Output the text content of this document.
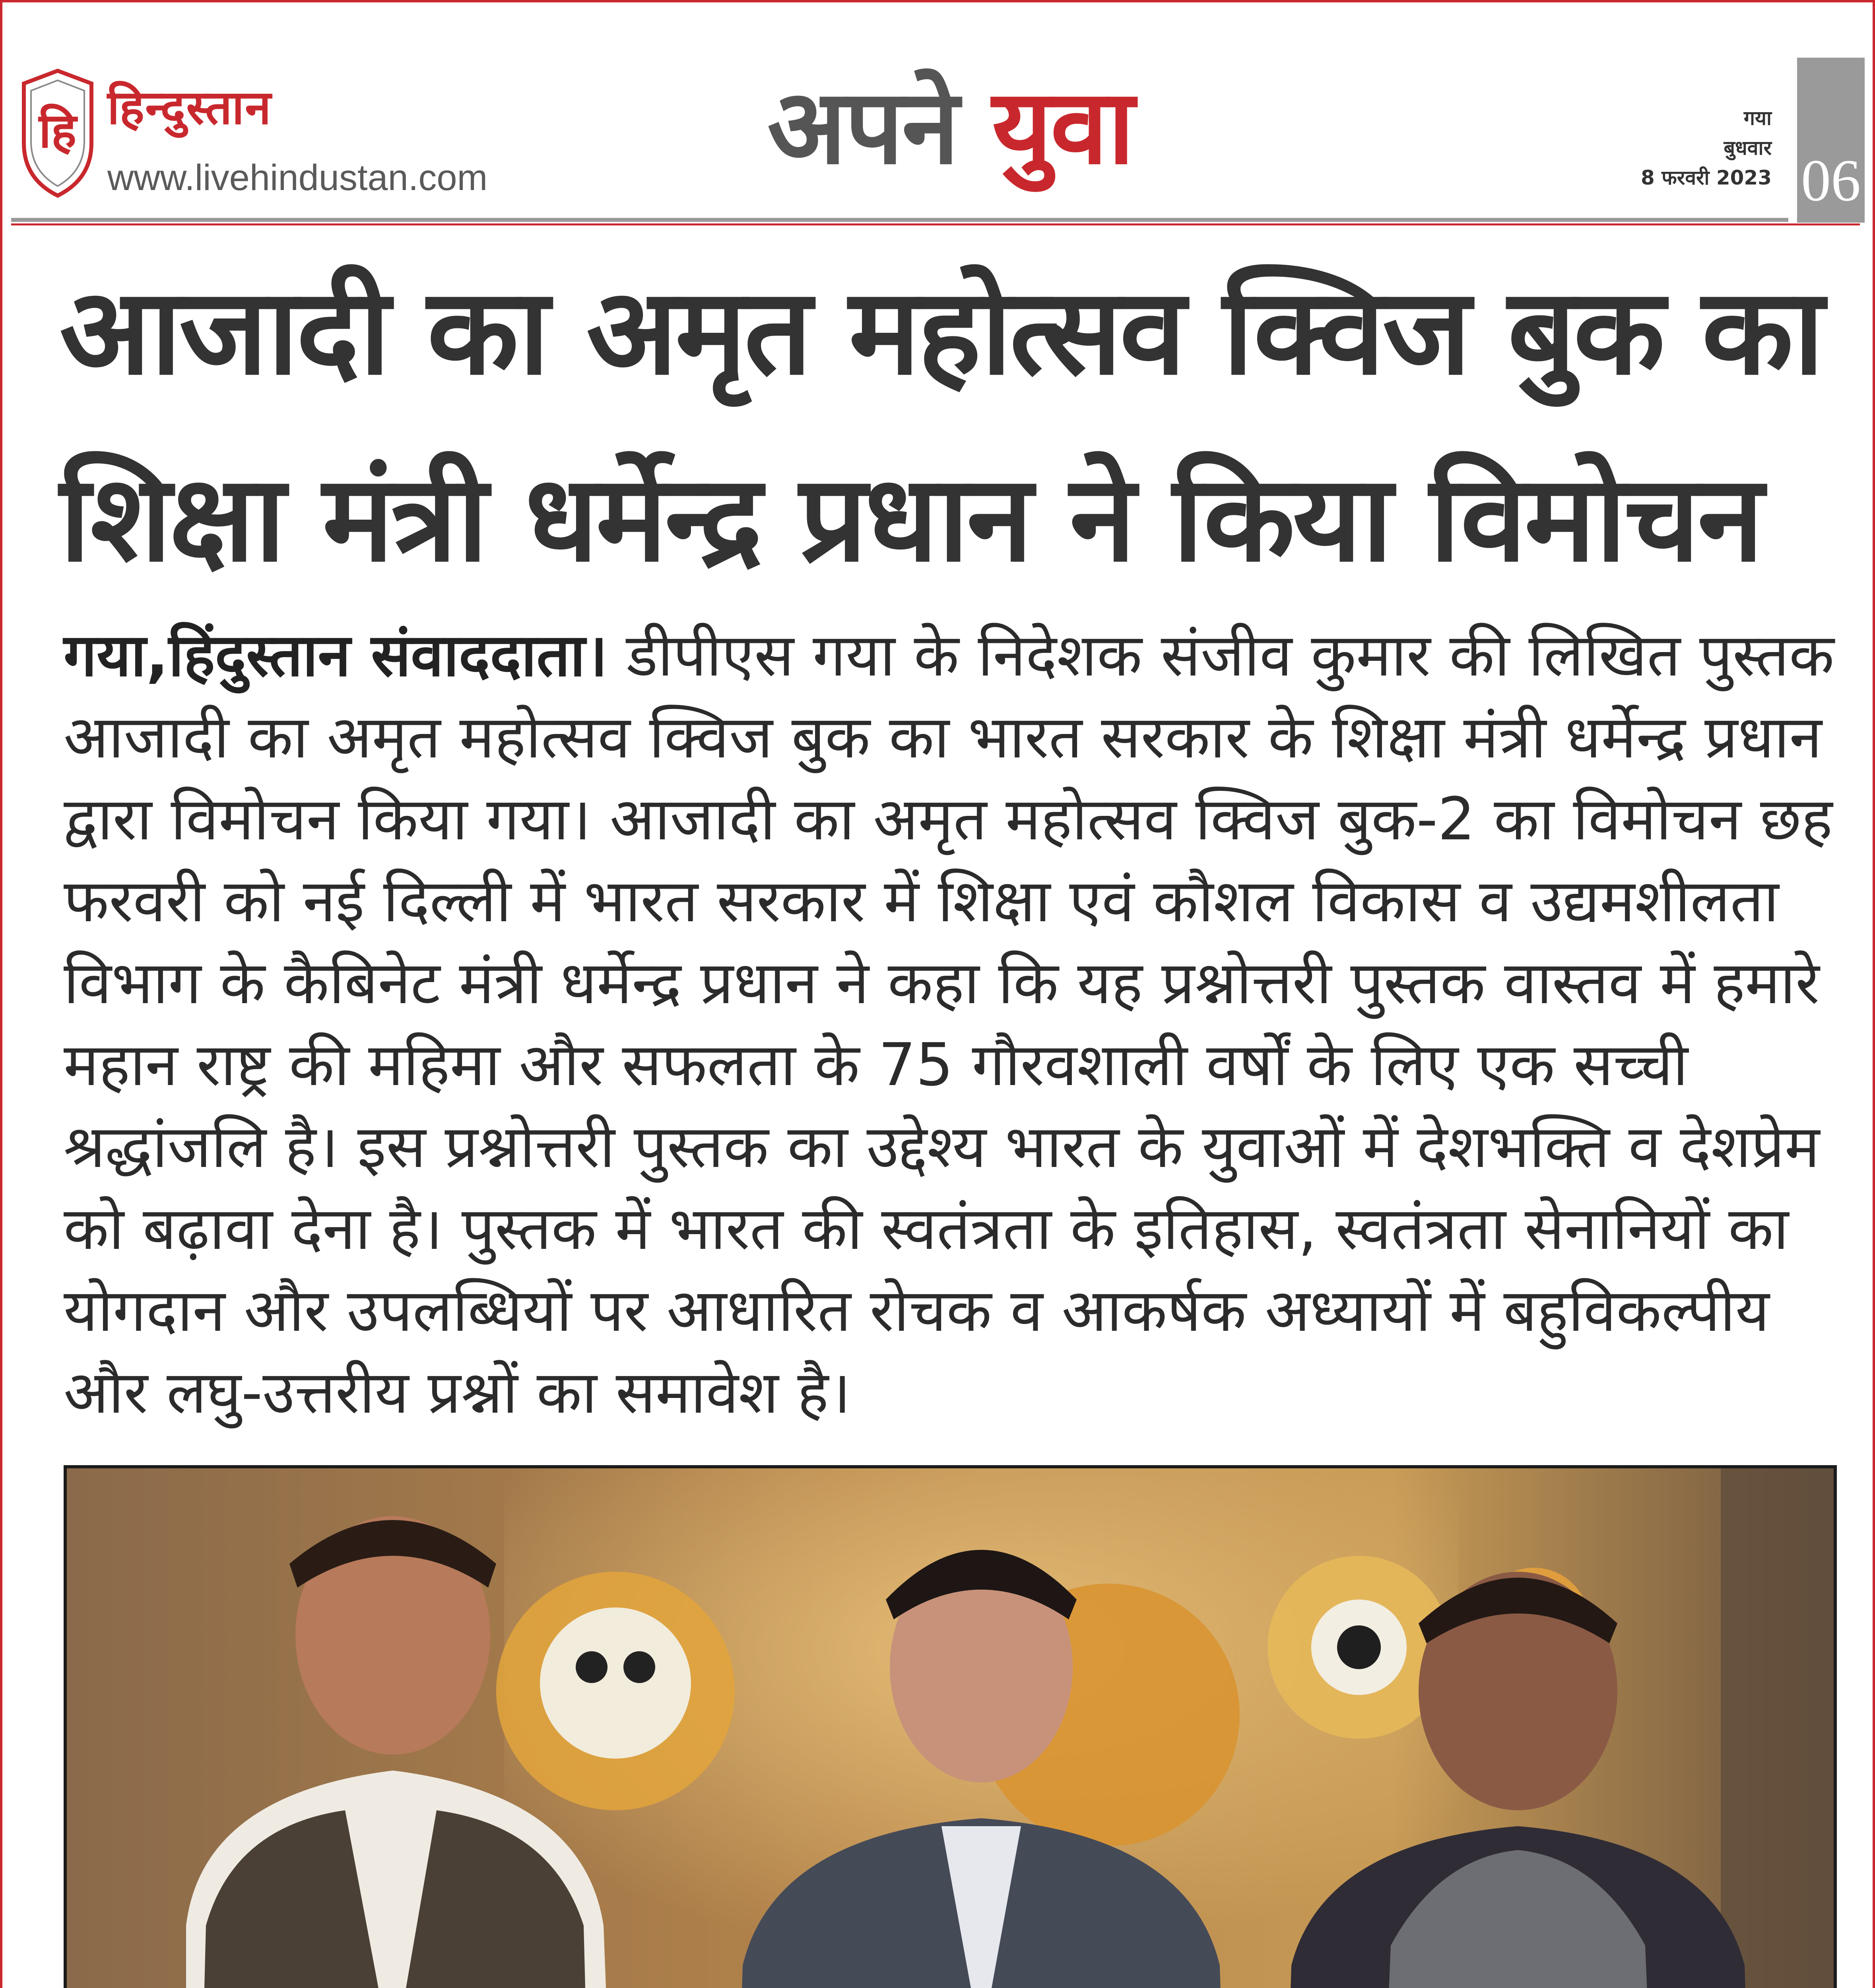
हि हिन्दुस्तान
www.livehindustan.com	अपने युवा	गया
बुधवार
8 फरवरी 2023 06
आजादी का अमृत महोत्सव क्विज बुक का
शिक्षा मंत्री धर्मेन्द्र प्रधान ने किया विमोचन

गया,हिंदुस्तान संवाददाता। डीपीएस गया के निदेशक संजीव कुमार की लिखित पुस्तक आजादी का अमृत महोत्सव क्विज बुक का भारत सरकार के शिक्षा मंत्री धर्मेन्द्र प्रधान द्वारा विमोचन किया गया। आजादी का अमृत महोत्सव क्विज बुक-2 का विमोचन छह फरवरी को नई दिल्ली में भारत सरकार में शिक्षा एवं कौशल विकास व उद्यमशीलता विभाग के कैबिनेट मंत्री धर्मेन्द्र प्रधान ने कहा कि यह प्रश्नोत्तरी पुस्तक वास्तव में हमारे महान राष्ट्र की महिमा और सफलता के 75 गौरवशाली वर्षों के लिए एक सच्ची श्रद्धांजलि है। इस प्रश्नोत्तरी पुस्तक का उद्देश्य भारत के युवाओं में देशभक्ति व देशप्रेम को बढ़ावा देना है। पुस्तक में भारत की स्वतंत्रता के इतिहास, स्वतंत्रता सेनानियों का योगदान और उपलब्धियों पर आधारित रोचक व आकर्षक अध्यायों में बहुविकल्पीय और लघु-उत्तरीय प्रश्नों का समावेश है।
